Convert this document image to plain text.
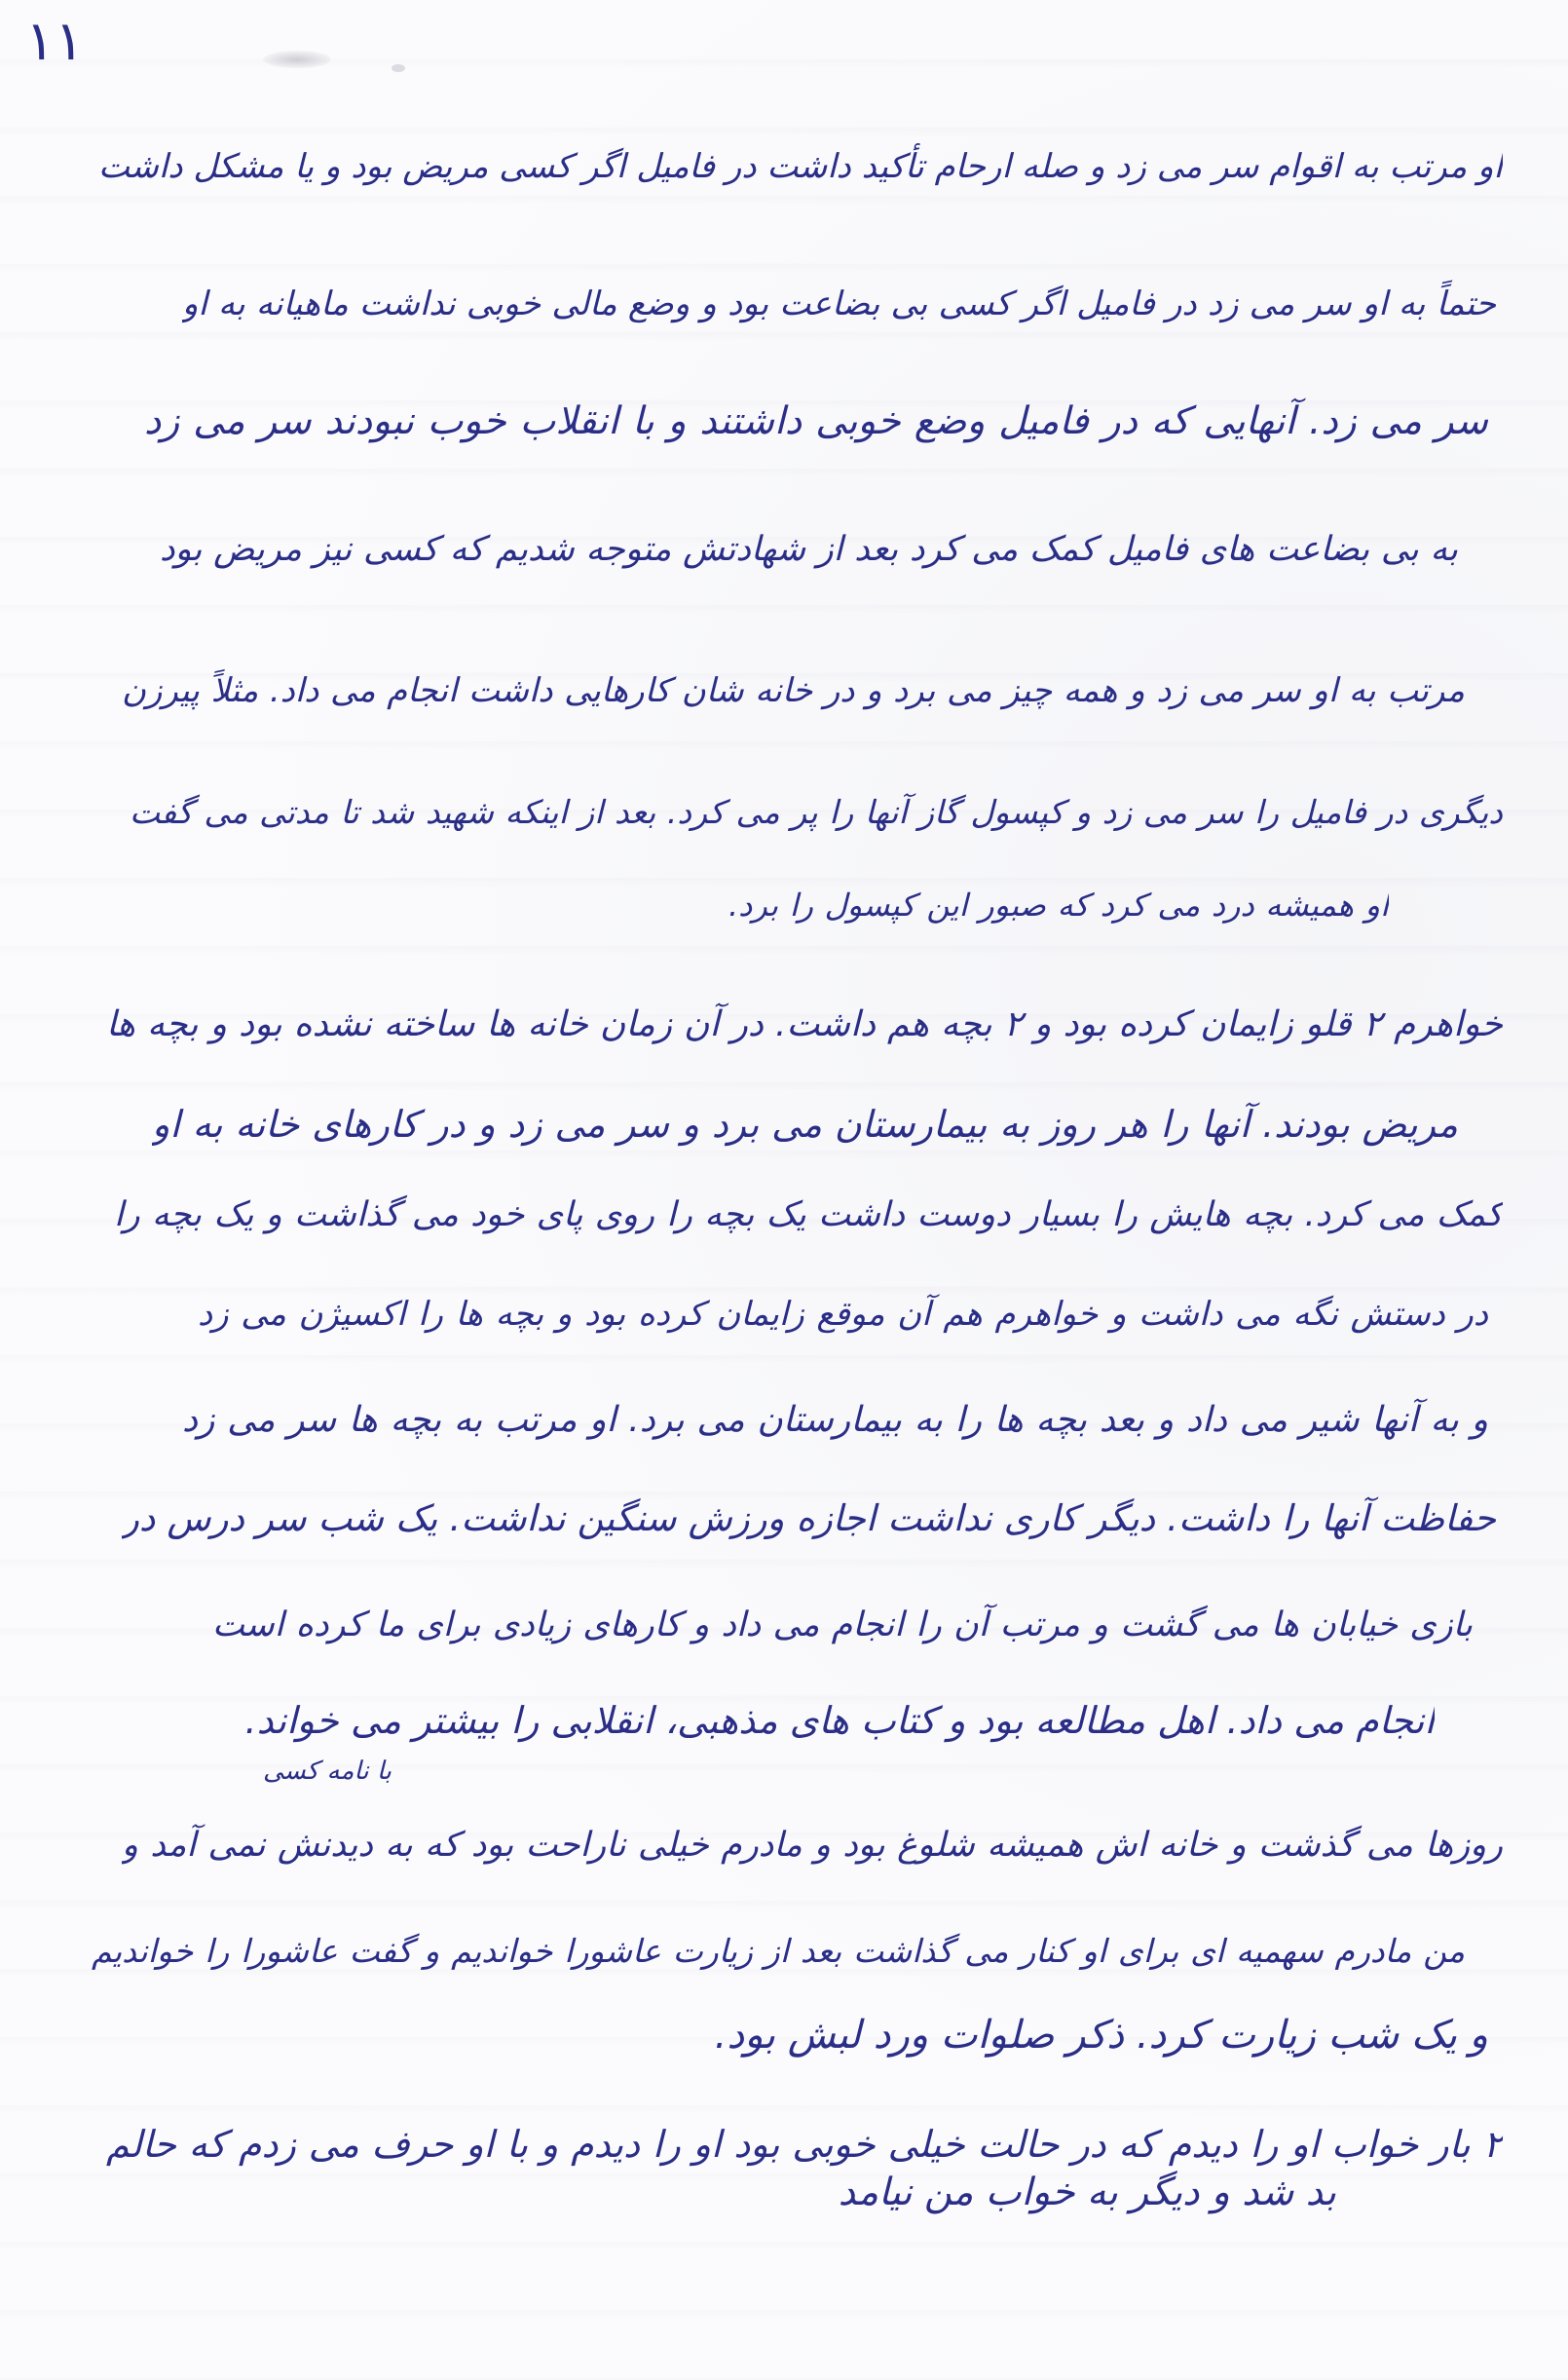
۱۱
او مرتب به اقوام سر می زد و صله ارحام تأکید داشت در فامیل اگر کسی مریض بود و یا مشکل داشت
حتماً به او سر می زد در فامیل اگر کسی بی بضاعت بود و وضع مالی خوبی نداشت ماهیانه به او
سر می زد. آنهایی که در فامیل وضع خوبی داشتند و با انقلاب خوب نبودند سر می زد
به بی بضاعت های فامیل کمک می کرد بعد از شهادتش متوجه شدیم که کسی نیز مریض بود
مرتب به او سر می زد و همه چیز می برد و در خانه شان کارهایی داشت انجام می داد. مثلاً پیرزن
دیگری در فامیل را سر می زد و کپسول گاز آنها را پر می کرد. بعد از اینکه شهید شد تا مدتی می گفت
او همیشه درد می کرد که صبور این کپسول را برد.
خواهرم ۲ قلو زایمان کرده بود و ۲ بچه هم داشت. در آن زمان خانه ها ساخته نشده بود و بچه ها
مریض بودند. آنها را هر روز به بیمارستان می برد و سر می زد و در کارهای خانه به او
کمک می کرد. بچه هایش را بسیار دوست داشت یک بچه را روی پای خود می گذاشت و یک بچه را
در دستش نگه می داشت و خواهرم هم آن موقع زایمان کرده بود و بچه ها را اکسیژن می زد
و به آنها شیر می داد و بعد بچه ها را به بیمارستان می برد. او مرتب به بچه ها سر می زد
حفاظت آنها را داشت. دیگر کاری نداشت اجازه ورزش سنگین نداشت. یک شب سر درس در
بازی خیابان ها می گشت و مرتب آن را انجام می داد و کارهای زیادی برای ما کرده است
انجام می داد. اهل مطالعه بود و کتاب های مذهبی، انقلابی را بیشتر می خواند.
با نامه کسی
روزها می گذشت و خانه اش همیشه شلوغ بود و مادرم خیلی ناراحت بود که به دیدنش نمی آمد و
من مادرم سهمیه ای برای او کنار می گذاشت بعد از زیارت عاشورا خواندیم و گفت عاشورا را خواندیم
و یک شب زیارت کرد. ذکر صلوات ورد لبش بود.
۲ بار خواب او را دیدم که در حالت خیلی خوبی بود او را دیدم و با او حرف می زدم که حالم
بد شد و دیگر به خواب من نیامد
